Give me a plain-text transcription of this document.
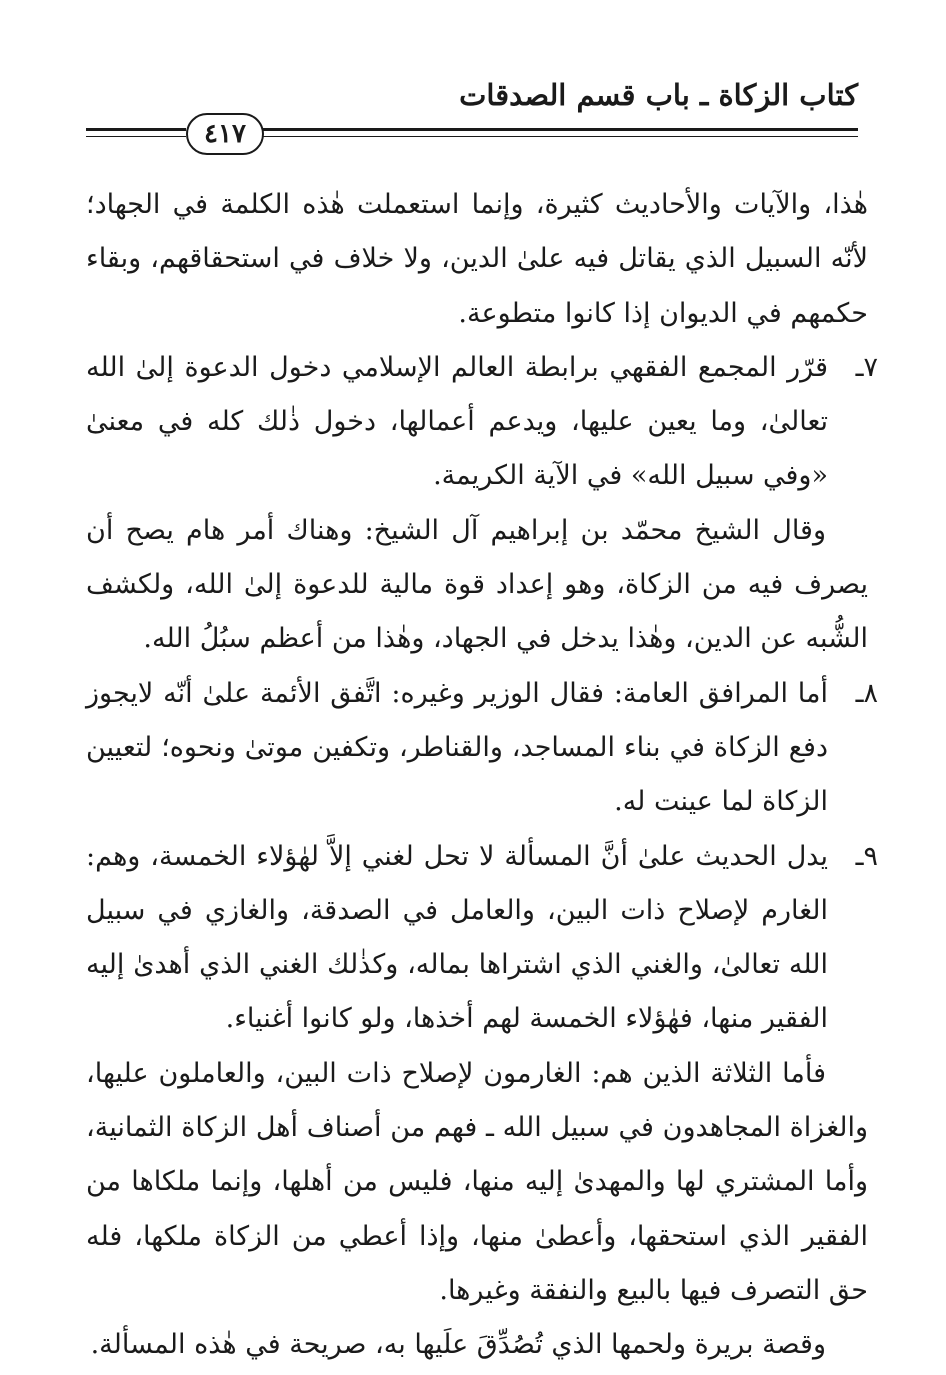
كتاب الزكاة ـ باب قسم الصدقات
٤١٧

هٰذا، والآيات والأحاديث كثيرة، وإنما استعملت هٰذه الكلمة في الجهاد؛ لأنّه السبيل الذي يقاتل فيه علىٰ الدين، ولا خلاف في استحقاقهم، وبقاء حكمهم في الديوان إذا كانوا متطوعة.

٧ـ
قرّر المجمع الفقهي برابطة العالم الإسلامي دخول الدعوة إلىٰ الله تعالىٰ، وما يعين عليها، ويدعم أعمالها، دخول ذٰلك كله في معنىٰ «وفي سبيل الله» في الآية الكريمة.

وقال الشيخ محمّد بن إبراهيم آل الشيخ: وهناك أمر هام يصح أن يصرف فيه من الزكاة، وهو إعداد قوة مالية للدعوة إلىٰ الله، ولكشف الشُّبه عن الدين، وهٰذا يدخل في الجهاد، وهٰذا من أعظم سبُلُ الله.

٨ـ
أما المرافق العامة: فقال الوزير وغيره: اتَّفق الأئمة علىٰ أنّه لايجوز دفع الزكاة في بناء المساجد، والقناطر، وتكفين موتىٰ ونحوه؛ لتعيين الزكاة لما عينت له.

٩ـ
يدل الحديث علىٰ أنَّ المسألة لا تحل لغني إلاَّ لهٰؤلاء الخمسة، وهم: الغارم لإصلاح ذات البين، والعامل في الصدقة، والغازي في سبيل الله تعالىٰ، والغني الذي اشتراها بماله، وكذٰلك الغني الذي أهدىٰ إليه الفقير منها، فهٰؤلاء الخمسة لهم أخذها، ولو كانوا أغنياء.

فأما الثلاثة الذين هم: الغارمون لإصلاح ذات البين، والعاملون عليها، والغزاة المجاهدون في سبيل الله ـ فهم من أصناف أهل الزكاة الثمانية، وأما المشتري لها والمهدىٰ إليه منها، فليس من أهلها، وإنما ملكاها من الفقير الذي استحقها، وأعطىٰ منها، وإذا أعطي من الزكاة ملكها، فله حق التصرف فيها بالبيع والنفقة وغيرها.

وقصة بريرة ولحمها الذي تُصُدِّقَ علَيها به، صريحة في هٰذه المسألة.
